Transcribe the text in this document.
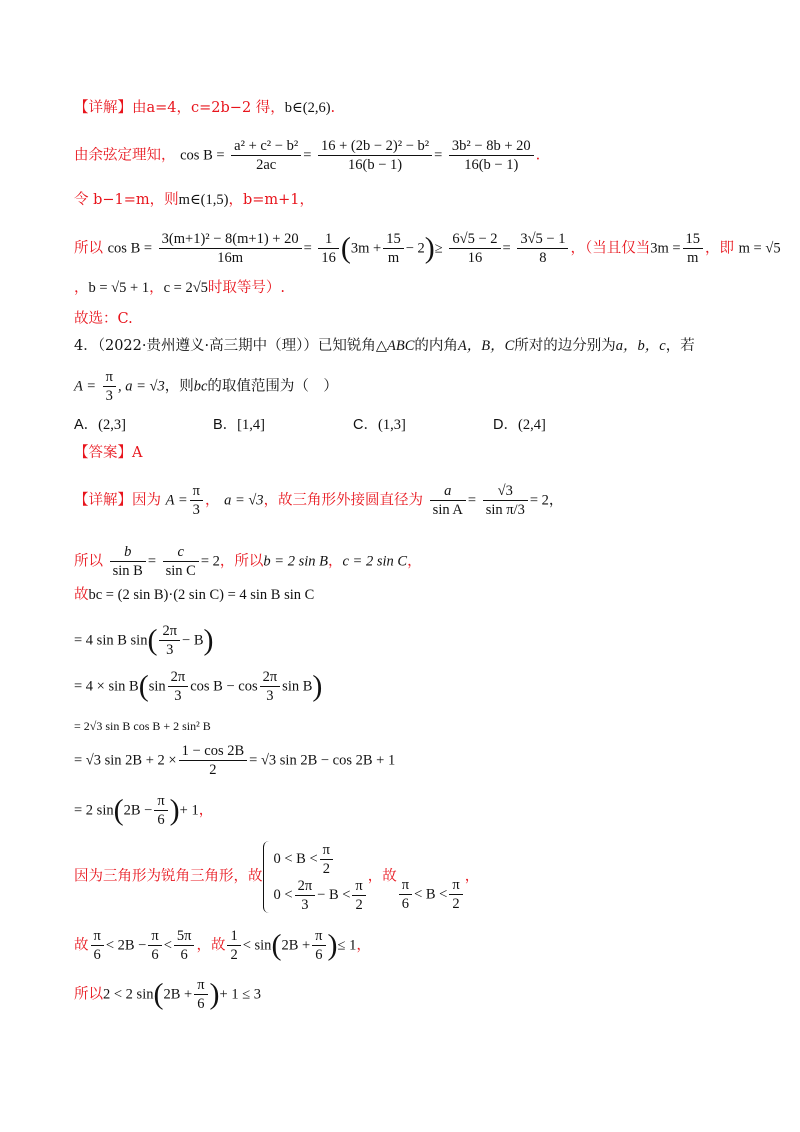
【详解】由a=4，c=2b−2 得，b∈(2,6).
由余弦定理知， $\cos B = \frac{\text{a² + c² − b²}}{2ac} = \frac{\text{16 + (2b − 2)² − b²}}{16(b - 1)} = \frac{\text{3b² − 8b + 20}}{16(b - 1)}$ .
令 b−1=m，则m∈(1,5)，b=m+1，
所以 $\cos B = \frac{\text{3(m+1)² − 8(m+1) + 20}}{16m} = \frac{1}{16} (3m + \frac{15}{m} - 2)\ge \frac{6√5 - 2}{16} = \frac{3√5 - 1}{8}$ ，（当且仅当$3m = \frac{15}{m}$ ，即 m = √5
，b = √5 + 1，c = 2√5时取等号）.
故选：C.
4．（2022·贵州遵义·高三期中（理））已知锐角△ABC的内角A，B，C所对的边分别为a，b，c，若
$A = \frac{\pi}{3}$ , a = √3，则bc的取值范围为（　）
A．(2,3]	B．[1,4]	C．(1,3]	D．(2,4]
【答案】A
【详解】因为 $A = \frac{\pi}{3}$ ， a = √3，故三角形外接圆直径为 $\frac{a}{\text{sin A}} = \frac{√3}{\text{sin π/3}} = 2$，
所以 $\frac{b}{\text{sin B}} = \frac{c}{\text{sin C}} = 2$，所以b = 2 sin B，c = 2 sin C，
故bc = (2 sin B)·(2 sin C) = 4 sin B sin C
= 4 sin B $\sin( \frac{2\pi}{3} - B)$
= $4 \times \sin B(\sin \frac{2\pi}{3}$ $\cos B - \cos \frac{2\pi}{3}$ sin B)
= 2√3 sin B cos B + 2 sin² B
= √3 $\sin 2B + 2 \times \frac{1 - \cos 2B}{2} = √3$ sin 2B − cos 2B + 1
= 2 $\sin(2B - \frac{\pi}{6}$ )+ 1，
因为三角形为锐角三角形，故
$0 < B < \frac{\pi}{2}$
$0 < \frac{2\pi}{3} - B < \frac{\pi}{2}$
，故 $\frac{\pi}{6} < B < \frac{\pi}{2}$ ，
故 $\frac{\pi}{6} < 2B - \frac{\pi}{6} < \frac{5\pi}{6}$ ，故 $\frac{1}{2} < \sin(2B + \frac{\pi}{6}$ )≤ 1，
所以2 < 2 $\sin(2B + \frac{\pi}{6}$ )+ 1 ≤ 3
